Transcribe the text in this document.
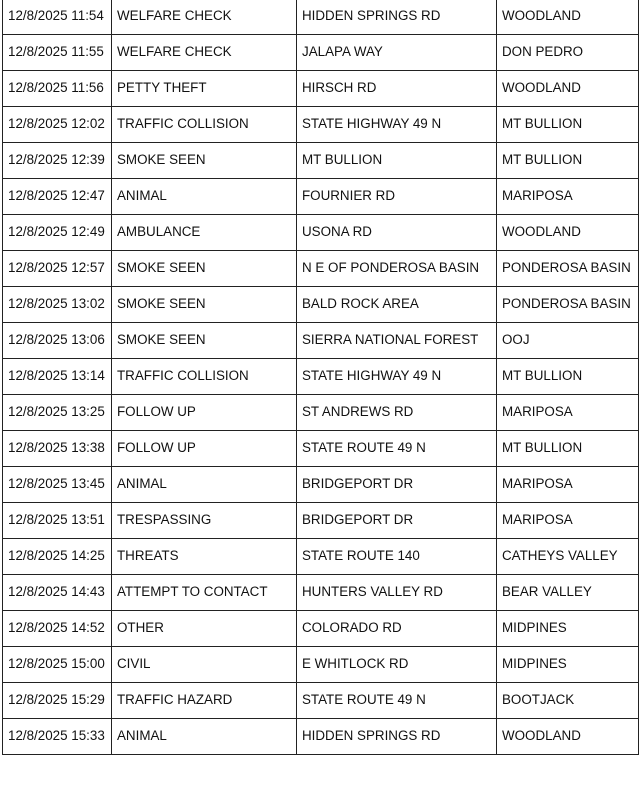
12/8/2025 11:54	WELFARE CHECK	HIDDEN SPRINGS RD	WOODLAND
12/8/2025 11:55	WELFARE CHECK	JALAPA WAY	DON PEDRO
12/8/2025 11:56	PETTY THEFT	HIRSCH RD	WOODLAND
12/8/2025 12:02	TRAFFIC COLLISION	STATE HIGHWAY 49 N	MT BULLION
12/8/2025 12:39	SMOKE SEEN	MT BULLION	MT BULLION
12/8/2025 12:47	ANIMAL	FOURNIER RD	MARIPOSA
12/8/2025 12:49	AMBULANCE	USONA RD	WOODLAND
12/8/2025 12:57	SMOKE SEEN	N E OF PONDEROSA BASIN	PONDEROSA BASIN
12/8/2025 13:02	SMOKE SEEN	BALD ROCK AREA	PONDEROSA BASIN
12/8/2025 13:06	SMOKE SEEN	SIERRA NATIONAL FOREST	OOJ
12/8/2025 13:14	TRAFFIC COLLISION	STATE HIGHWAY 49 N	MT BULLION
12/8/2025 13:25	FOLLOW UP	ST ANDREWS RD	MARIPOSA
12/8/2025 13:38	FOLLOW UP	STATE ROUTE 49 N	MT BULLION
12/8/2025 13:45	ANIMAL	BRIDGEPORT DR	MARIPOSA
12/8/2025 13:51	TRESPASSING	BRIDGEPORT DR	MARIPOSA
12/8/2025 14:25	THREATS	STATE ROUTE 140	CATHEYS VALLEY
12/8/2025 14:43	ATTEMPT TO CONTACT	HUNTERS VALLEY RD	BEAR VALLEY
12/8/2025 14:52	OTHER	COLORADO RD	MIDPINES
12/8/2025 15:00	CIVIL	E WHITLOCK RD	MIDPINES
12/8/2025 15:29	TRAFFIC HAZARD	STATE ROUTE 49 N	BOOTJACK
12/8/2025 15:33	ANIMAL	HIDDEN SPRINGS RD	WOODLAND
